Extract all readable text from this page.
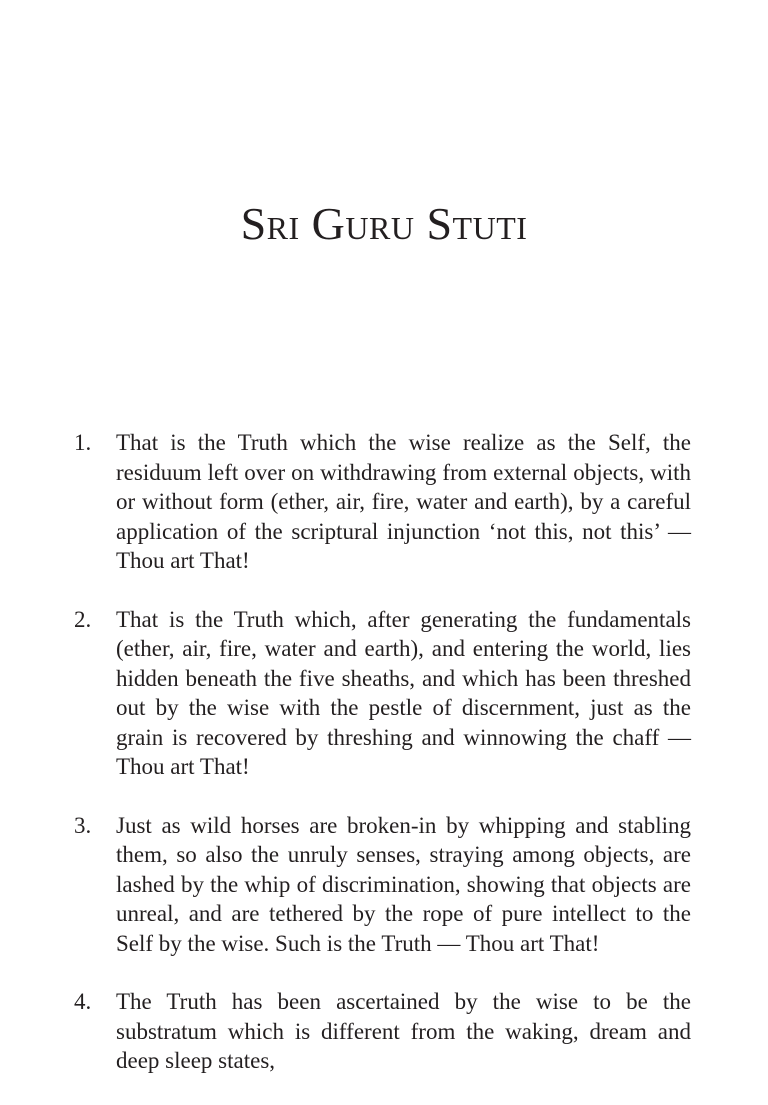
Sri Guru Stuti
1. That is the Truth which the wise realize as the Self, the residuum left over on withdrawing from external objects, with or without form (ether, air, fire, water and earth), by a careful application of the scriptural injunction ‘not this, not this’ — Thou art That!
2. That is the Truth which, after generating the fundamentals (ether, air, fire, water and earth), and entering the world, lies hidden beneath the five sheaths, and which has been threshed out by the wise with the pestle of discernment, just as the grain is recovered by threshing and winnowing the chaff — Thou art That!
3. Just as wild horses are broken-in by whipping and stabling them, so also the unruly senses, straying among objects, are lashed by the whip of discrimination, showing that objects are unreal, and are tethered by the rope of pure intellect to the Self by the wise. Such is the Truth — Thou art That!
4. The Truth has been ascertained by the wise to be the substratum which is different from the waking, dream and deep sleep states,
